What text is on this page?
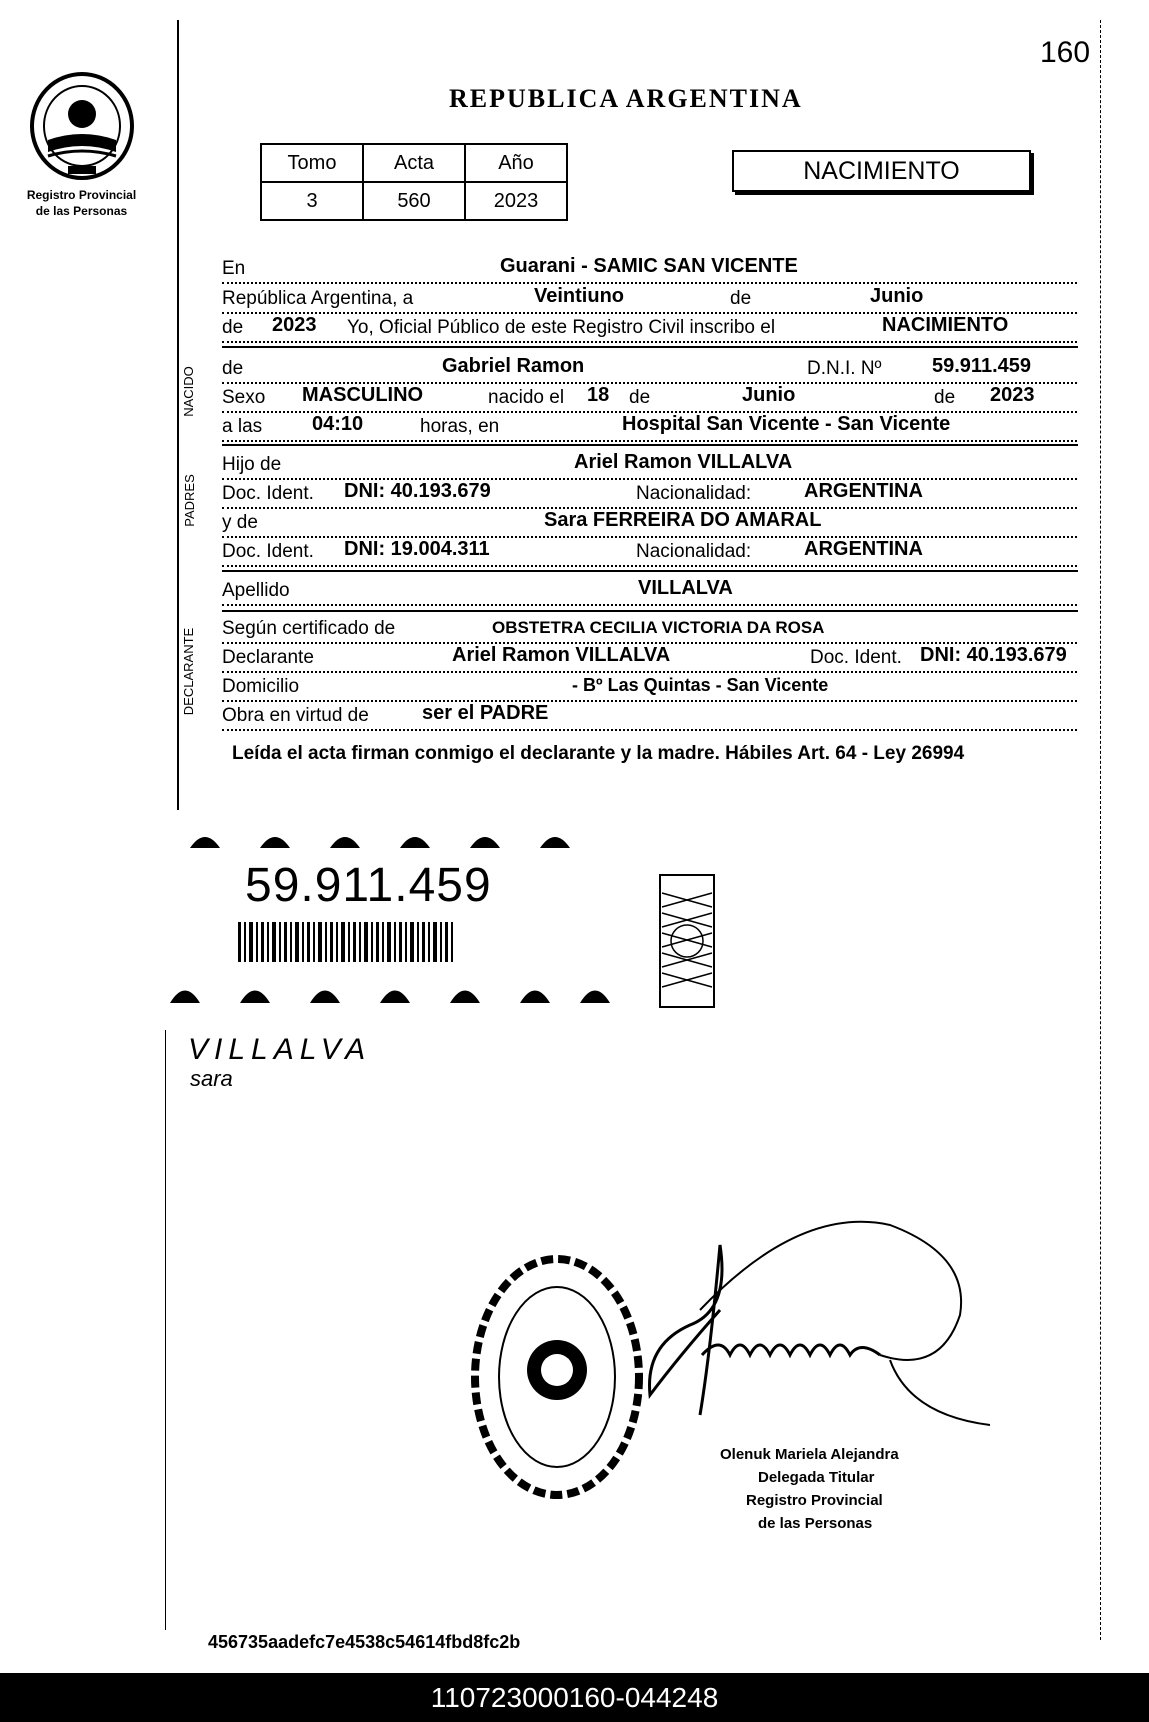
160
Registro Provincial
de las Personas
REPUBLICA ARGENTINA
Tomo	Acta	Año
3	560	2023
NACIMIENTO
En	Guarani - SAMIC SAN VICENTE
República Argentina, a	Veintiuno	de	Junio
de 2023 Yo, Oficial Público de este Registro Civil inscribo el	NACIMIENTO
NACIDO de	Gabriel Ramon	D.N.I. Nº	59.911.459
Sexo MASCULINO	nacido el 18 de	Junio	de 2023
a las 04:10	horas, en	Hospital San Vicente - San Vicente
PADRES
Hijo de	Ariel Ramon VILLALVA
Doc. Ident. DNI: 40.193.679	Nacionalidad:	ARGENTINA
y de	Sara FERREIRA DO AMARAL
Doc. Ident. DNI: 19.004.311	Nacionalidad:	ARGENTINA
Apellido	VILLALVA
DECLARANTE Según certificado de	OBSTETRA CECILIA VICTORIA DA ROSA
Declarante	Ariel Ramon VILLALVA	Doc. Ident. DNI: 40.193.679
Domicilio	- Bº Las Quintas - San Vicente
Obra en virtud de	ser el PADRE
Leída el acta firman conmigo el declarante y la madre. Hábiles Art. 64 - Ley 26994
59.911.459
VILLALVA
sara
Olenuk Mariela Alejandra
Delegada Titular
Registro Provincial
de las Personas
456735aadefc7e4538c54614fbd8fc2b
110723000160-044248
